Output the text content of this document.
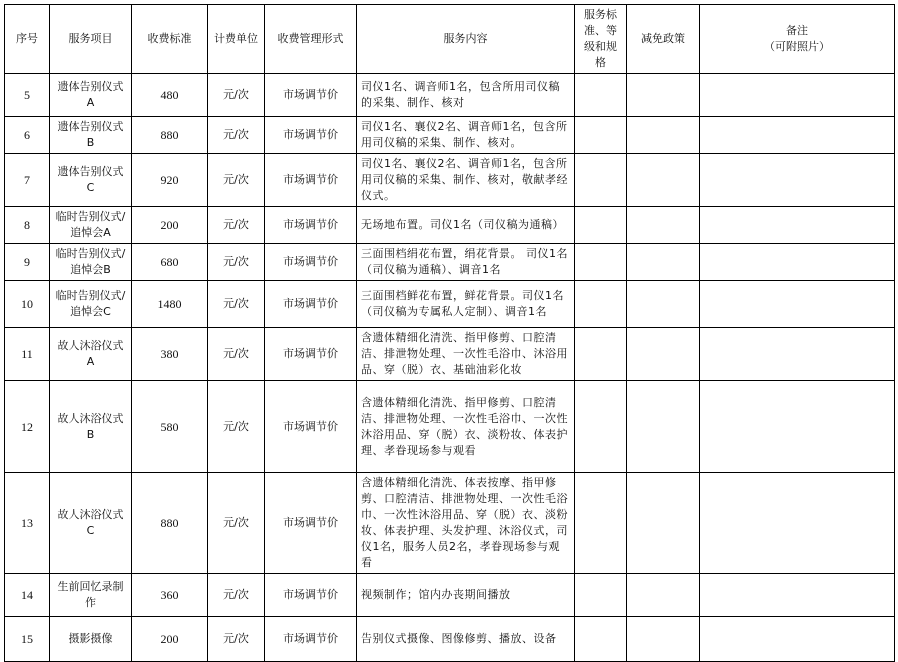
序号	服务项目	收费标准	计费单位	收费管理形式	服务内容	服务标准、等级和规格	减免政策	备注
（可附照片）
5	遗体告别仪式A	480	元/次	市场调节价	司仪1名、调音师1名，包含所用司仪稿的采集、制作、核对			
6	遗体告别仪式B	880	元/次	市场调节价	司仪1名、襄仪2名、调音师1名，包含所用司仪稿的采集、制作、核对。			
7	遗体告别仪式C	920	元/次	市场调节价	司仪1名、襄仪2名、调音师1名，包含所用司仪稿的采集、制作、核对，敬献孝经仪式。			
8	临时告别仪式/追悼会A	200	元/次	市场调节价	无场地布置。司仪1名（司仪稿为通稿）			
9	临时告别仪式/追悼会B	680	元/次	市场调节价	三面围档绢花布置，绢花背景。 司仪1名（司仪稿为通稿）、调音1名			
10	临时告别仪式/追悼会C	1480	元/次	市场调节价	三面围档鲜花布置，鲜花背景。司仪1名（司仪稿为专属私人定制）、调音1名			
11	故人沐浴仪式A	380	元/次	市场调节价	含遗体精细化清洗、指甲修剪、口腔清洁、排泄物处理、一次性毛浴巾、沐浴用品、穿（脱）衣、基础油彩化妆			
12	故人沐浴仪式B	580	元/次	市场调节价	含遗体精细化清洗、指甲修剪、口腔清洁、排泄物处理、一次性毛浴巾、一次性沐浴用品、穿（脱）衣、淡粉妆、体表护理、孝眷现场参与观看			
13	故人沐浴仪式C	880	元/次	市场调节价	含遗体精细化清洗、体表按摩、指甲修剪、口腔清洁、排泄物处理、一次性毛浴巾、一次性沐浴用品、穿（脱）衣、淡粉妆、体表护理、头发护理、沐浴仪式，司仪1名，服务人员2名，孝眷现场参与观看			
14	生前回忆录制作	360	元/次	市场调节价	视频制作；馆内办丧期间播放			
15	摄影摄像	200	元/次	市场调节价	告别仪式摄像、图像修剪、播放、设备			
